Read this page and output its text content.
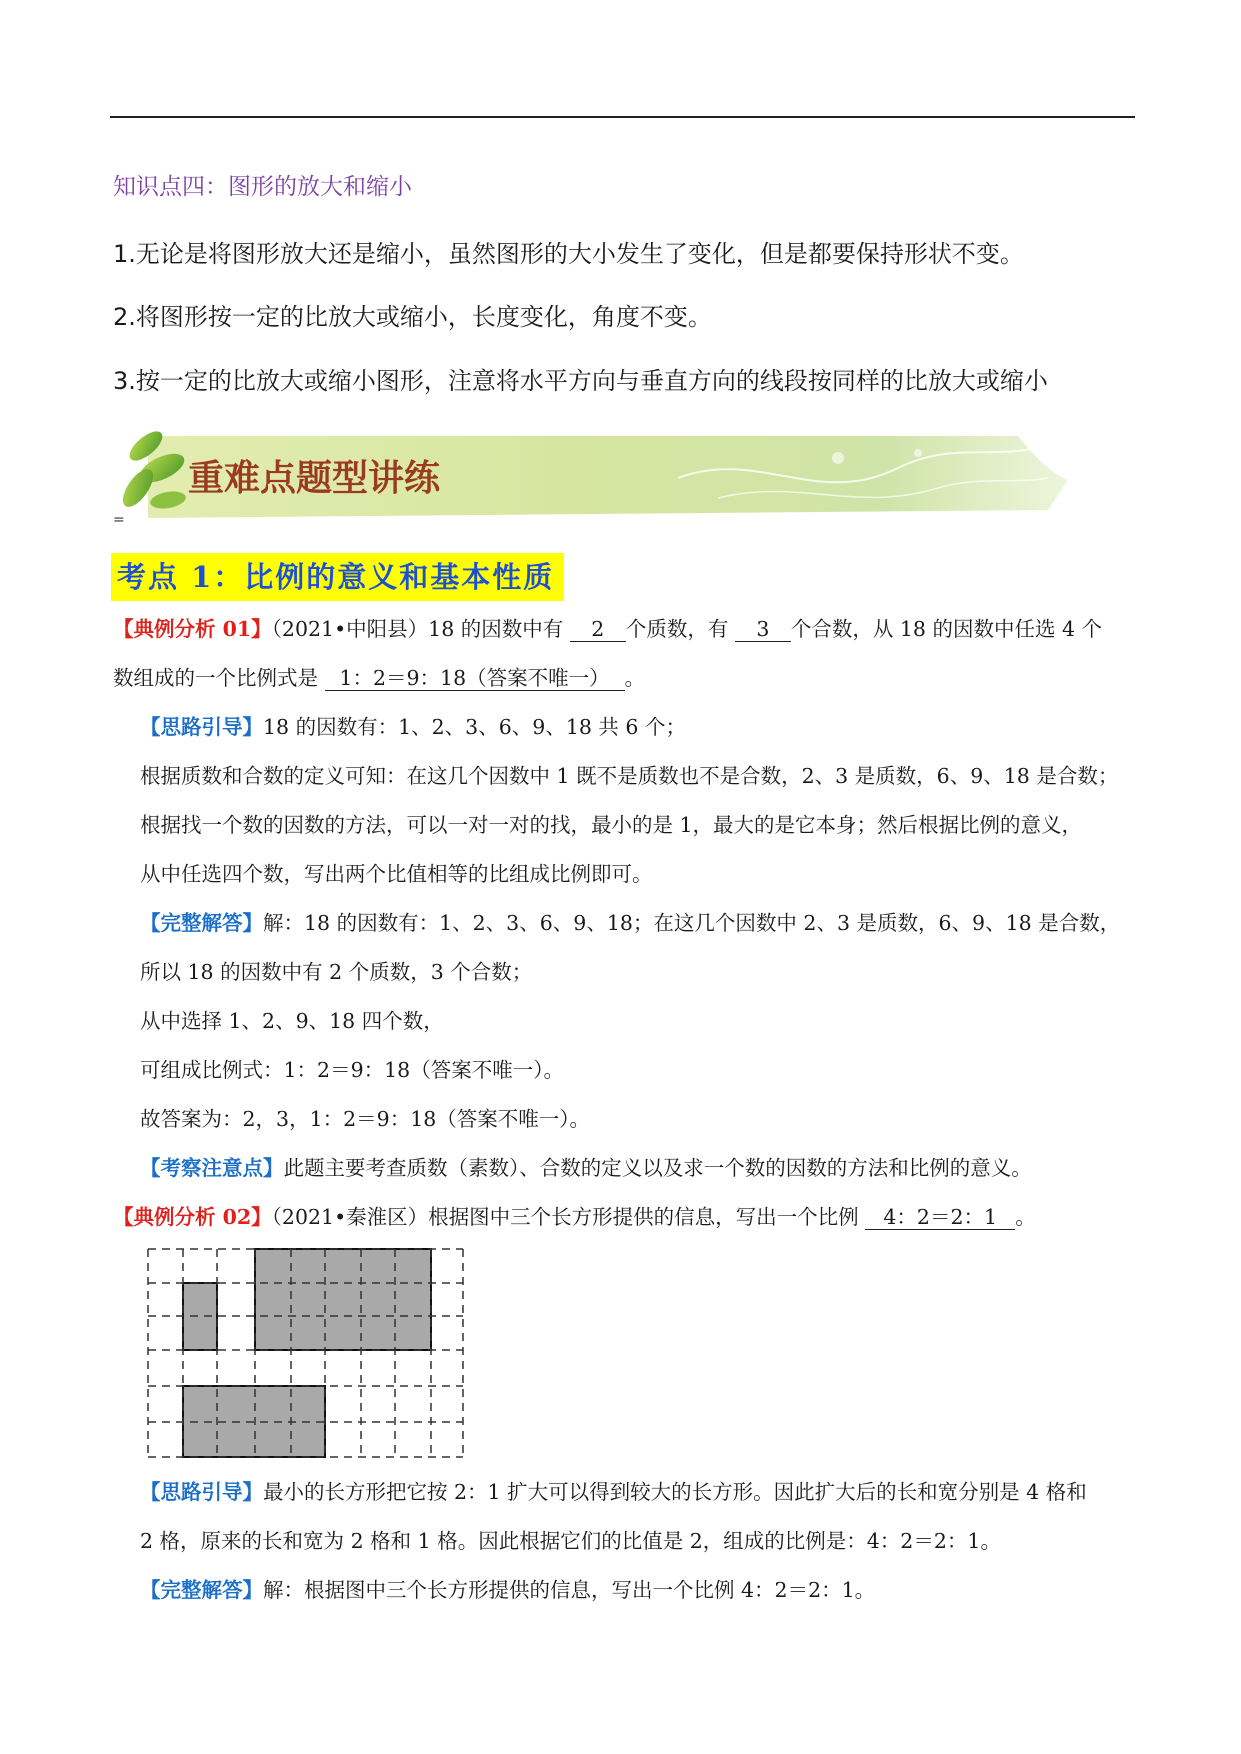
知识点四：图形的放大和缩小
1.无论是将图形放大还是缩小，虽然图形的大小发生了变化，但是都要保持形状不变。
2.将图形按一定的比放大或缩小，长度变化，角度不变。
3.按一定的比放大或缩小图形，注意将水平方向与垂直方向的线段按同样的比放大或缩小
重难点题型讲练
=
考点 1：比例的意义和基本性质
【典例分析 01】（2021•中阳县）18 的因数中有 2 个质数，有 3 个合数，从 18 的因数中任选 4 个
数组成的一个比例式是 1：2＝9：18（答案不唯一） 。
【思路引导】18 的因数有：1、2、3、6、9、18 共 6 个；
根据质数和合数的定义可知：在这几个因数中 1 既不是质数也不是合数，2、3 是质数，6、9、18 是合数；
根据找一个数的因数的方法，可以一对一对的找，最小的是 1，最大的是它本身；然后根据比例的意义，
从中任选四个数，写出两个比值相等的比组成比例即可。
【完整解答】解：18 的因数有：1、2、3、6、9、18；在这几个因数中 2、3 是质数，6、9、18 是合数，
所以 18 的因数中有 2 个质数，3 个合数；
从中选择 1、2、9、18 四个数，
可组成比例式：1：2＝9：18（答案不唯一）。
故答案为：2，3，1：2＝9：18（答案不唯一）。
【考察注意点】此题主要考查质数（素数）、合数的定义以及求一个数的因数的方法和比例的意义。
【典例分析 02】（2021•秦淮区）根据图中三个长方形提供的信息，写出一个比例 4：2＝2：1 。
【思路引导】最小的长方形把它按 2：1 扩大可以得到较大的长方形。因此扩大后的长和宽分别是 4 格和
2 格，原来的长和宽为 2 格和 1 格。因此根据它们的比值是 2，组成的比例是：4：2＝2：1。
【完整解答】解：根据图中三个长方形提供的信息，写出一个比例 4：2＝2：1。
